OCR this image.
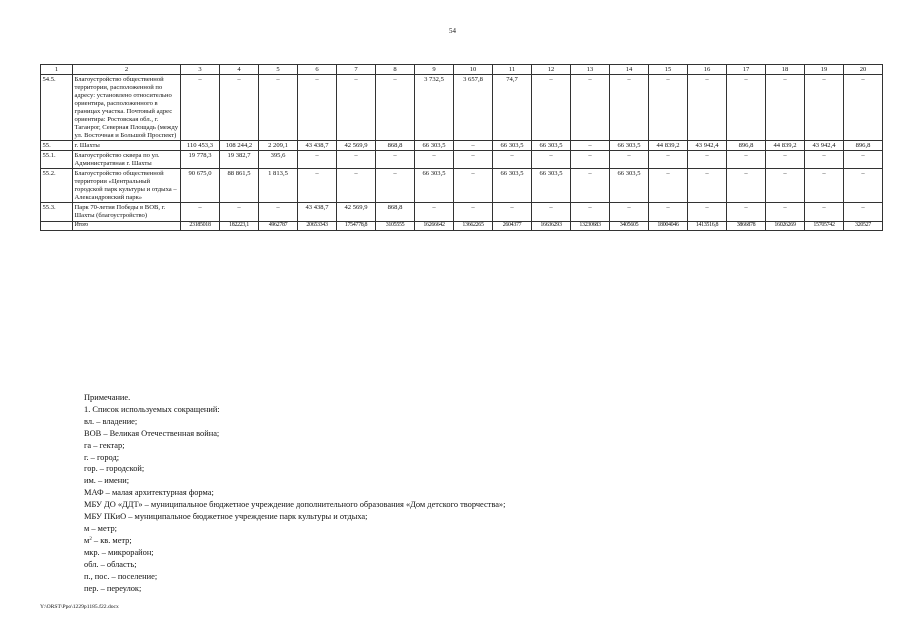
54
1	2	3	4	5	6	7	8	9	10	11	12	13	14	15	16	17	18	19	20
54.5.	Благоустройство общественной территории, расположенной по адресу: установлено относительно ориентира, расположенного в границах участка. Почтовый адрес ориентира: Ростовская обл., г. Таганрог, Северная Площадь (между ул. Восточная и Большой Проспект)	–	–	–	–	–	–	3 732,5	3 657,8	74,7	–	–	–	–	–	–	–	–	–
55.	г. Шахты	110 453,3	108 244,2	2 209,1	43 438,7	42 569,9	868,8	66 303,5	–	66 303,5	66 303,5	–	66 303,5	44 839,2	43 942,4	896,8	44 839,2	43 942,4	896,8
55.1.	Благоустройство сквера по ул. Администратвная г. Шахты	19 778,3	19 382,7	395,6	–	–	–	–	–	–	–	–	–	–	–	–	–	–	–
55.2.	Благоустройство общественной территории «Центральный городской парк культуры и отдыха – Александровский парк»	90 675,0	88 861,5	1 813,5	–	–	–	66 303,5	–	66 303,5	66 303,5	–	66 303,5	–	–	–	–	–	–
55.3.	Парк 70-летия Победы в ВОВ, г. Шахты (благоустройство)	–	–	–	43 438,7	42 569,9	868,8	–	–	–	–	–	–	–	–	–	–	–	–
	Итого	23185018	182223,1	4962787	20653343	1754778,8	3105555	16266642	13662265	2604377	16636293	13230683	3405605	18004046	1413516,8	3866878	16026269	15705742	320527
Примечание.
1. Список используемых сокращений:
вл. – владение;
ВОВ – Великая Отечественная война;
га – гектар;
г. – город;
гор. – городской;
им. – имени;
МАФ – малая архитектурная форма;
МБУ ДО «ДДТ» – муниципальное бюджетное учреждение дополнительного образования «Дом детского творчества»;
МБУ ПКиО – муниципальное бюджетное учреждение парк культуры и отдыха;
м – метр;
$м^2$ – кв. метр;
мкр. – микрорайон;
обл. – область;
п., пос. – поселение;
пер. – переулок;
Y:\ORST\Ppo\1229p1185.f22.docx
